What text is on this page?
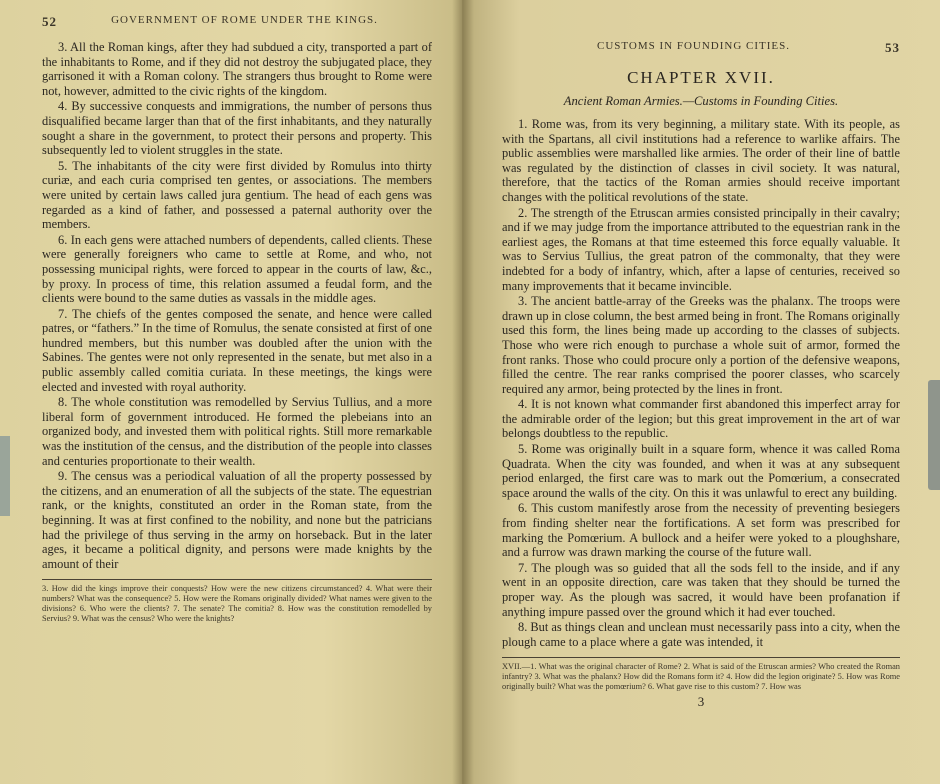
52	GOVERNMENT OF ROME UNDER THE KINGS.

3. All the Roman kings, after they had subdued a city, transported a part of the inhabitants to Rome, and if they did not destroy the subjugated place, they garrisoned it with a Roman colony. The strangers thus brought to Rome were not, however, admitted to the civic rights of the kingdom.

4. By successive conquests and immigrations, the number of persons thus disqualified became larger than that of the first inhabitants, and they naturally sought a share in the government, to protect their persons and property. This subsequently led to violent struggles in the state.

5. The inhabitants of the city were first divided by Romulus into thirty curiæ, and each curia comprised ten gentes, or associations. The members were united by certain laws called jura gentium. The head of each gens was regarded as a kind of father, and possessed a paternal authority over the members.

6. In each gens were attached numbers of dependents, called clients. These were generally foreigners who came to settle at Rome, and who, not possessing municipal rights, were forced to appear in the courts of law, &c., by proxy. In process of time, this relation assumed a feudal form, and the clients were bound to the same duties as vassals in the middle ages.

7. The chiefs of the gentes composed the senate, and hence were called patres, or “fathers.” In the time of Romulus, the senate consisted at first of one hundred members, but this number was doubled after the union with the Sabines. The gentes were not only represented in the senate, but met also in a public assembly called comitia curiata. In these meetings, the kings were elected and invested with royal authority.

8. The whole constitution was remodelled by Servius Tullius, and a more liberal form of government introduced. He formed the plebeians into an organized body, and invested them with political rights. Still more remarkable was the institution of the census, and the distribution of the people into classes and centuries proportionate to their wealth.

9. The census was a periodical valuation of all the property possessed by the citizens, and an enumeration of all the subjects of the state. The equestrian rank, or the knights, constituted an order in the Roman state, from the beginning. It was at first confined to the nobility, and none but the patricians had the privilege of thus serving in the army on horseback. But in the later ages, it became a political dignity, and persons were made knights by the amount of their

3. How did the kings improve their conquests? How were the new citizens circumstanced? 4. What were their numbers? What was the consequence? 5. How were the Romans originally divided? What names were given to the divisions? 6. Who were the clients? 7. The senate? The comitia? 8. How was the constitution remodelled by Servius? 9. What was the census? Who were the knights?
CUSTOMS IN FOUNDING CITIES.	53
CHAPTER XVII.
Ancient Roman Armies.—Customs in Founding Cities.

1. Rome was, from its very beginning, a military state. With its people, as with the Spartans, all civil institutions had a reference to warlike affairs. The public assemblies were marshalled like armies. The order of their line of battle was regulated by the distinction of classes in civil society. It was natural, therefore, that the tactics of the Roman armies should receive important changes with the political revolutions of the state.

2. The strength of the Etruscan armies consisted principally in their cavalry; and if we may judge from the importance attributed to the equestrian rank in the earliest ages, the Romans at that time esteemed this force equally valuable. It was to Servius Tullius, the great patron of the commonalty, that they were indebted for a body of infantry, which, after a lapse of centuries, received so many improvements that it became invincible.

3. The ancient battle-array of the Greeks was the phalanx. The troops were drawn up in close column, the best armed being in front. The Romans originally used this form, the lines being made up according to the classes of subjects. Those who were rich enough to purchase a whole suit of armor, formed the front ranks. Those who could procure only a portion of the defensive weapons, filled the centre. The rear ranks comprised the poorer classes, who scarcely required any armor, being protected by the lines in front.

4. It is not known what commander first abandoned this imperfect array for the admirable order of the legion; but this great improvement in the art of war belongs doubtless to the republic.

5. Rome was originally built in a square form, whence it was called Roma Quadrata. When the city was founded, and when it was at any subsequent period enlarged, the first care was to mark out the Pomœrium, a consecrated space around the walls of the city. On this it was unlawful to erect any building.

6. This custom manifestly arose from the necessity of preventing besiegers from finding shelter near the fortifications. A set form was prescribed for marking the Pomœrium. A bullock and a heifer were yoked to a ploughshare, and a furrow was drawn marking the course of the future wall.

7. The plough was so guided that all the sods fell to the inside, and if any went in an opposite direction, care was taken that they should be turned the proper way. As the plough was sacred, it would have been profanation if anything impure passed over the ground which it had ever touched.

8. But as things clean and unclean must necessarily pass into a city, when the plough came to a place where a gate was intended, it

XVII.—1. What was the original character of Rome? 2. What is said of the Etruscan armies? Who created the Roman infantry? 3. What was the phalanx? How did the Romans form it? 4. How did the legion originate? 5. How was Rome originally built? What was the pomœrium? 6. What gave rise to this custom? 7. How was
3
